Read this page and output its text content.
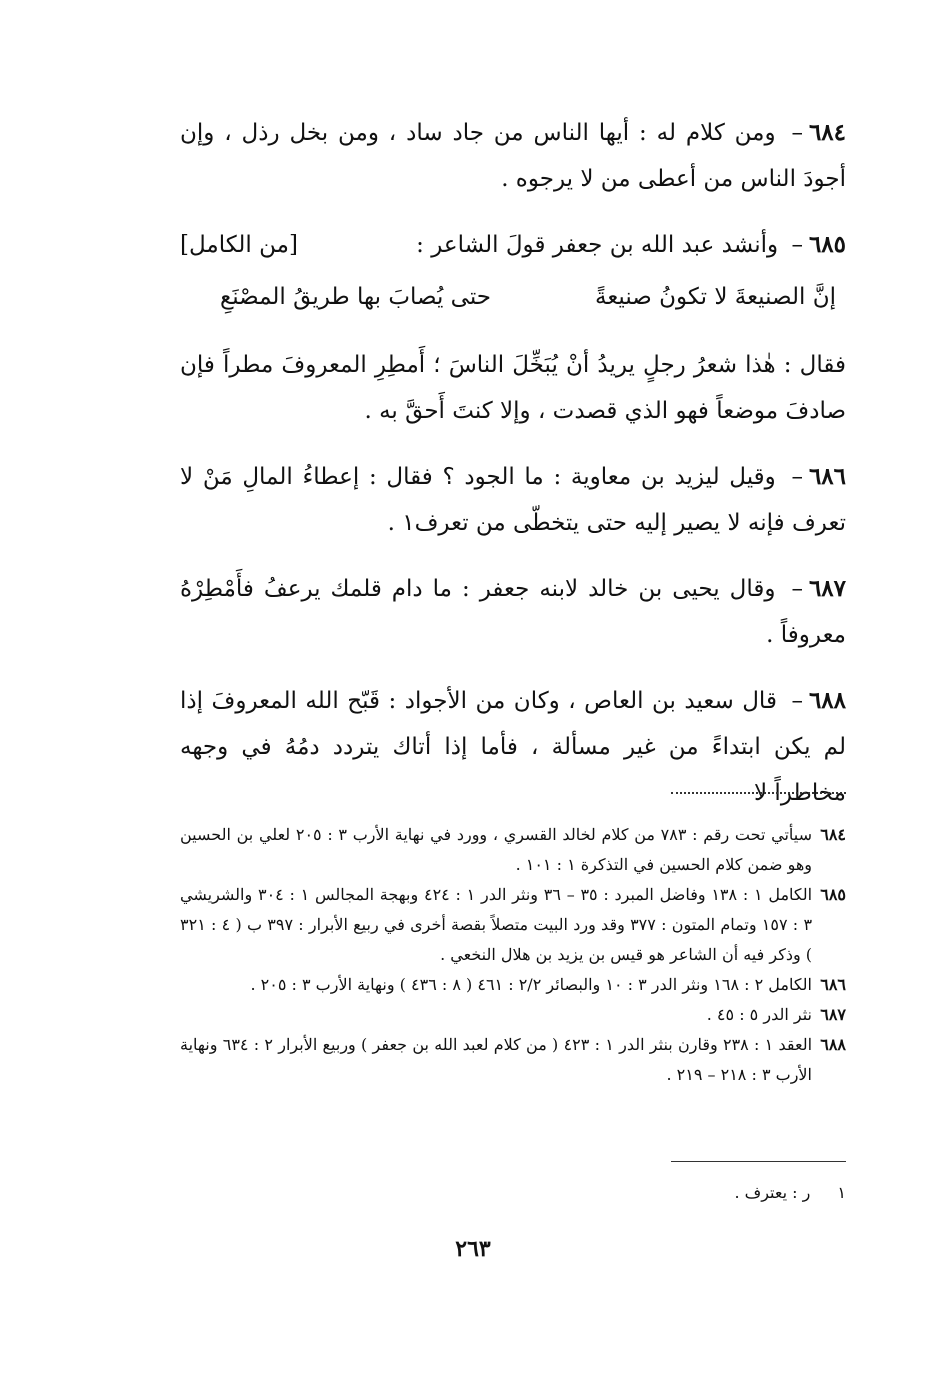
٦٨٤– ومن كلام له : أيها الناس من جاد ساد ، ومن بخل رذل ، وإن أجودَ الناس من أعطى من لا يرجوه .

٦٨٥– وأنشد عبد الله بن جعفر قولَ الشاعر :
[من الكامل]

إنَّ الصنيعةَ لا تكونُ صنيعةً
حتى يُصابَ بها طريقُ المصْنَعِ

فقال : هٰذا شعرُ رجلٍ يريدُ أنْ يُبَخِّلَ الناسَ ؛ أَمطِرِ المعروفَ مطراً فإن صادفَ موضعاً فهو الذي قصدت ، وإلا كنتَ أَحقَّ به .

٦٨٦– وقيل ليزيد بن معاوية : ما الجود ؟ فقال : إعطاءُ المالِ مَنْ لا تعرف فإنه لا يصير إليه حتى يتخطّى من تعرف١ .

٦٨٧– وقال يحيى بن خالد لابنه جعفر : ما دام قلمك يرعفُ فأَمْطِرْهُ معروفاً .

٦٨٨– قال سعيد بن العاص ، وكان من الأجواد : قَبّح الله المعروفَ إذا لم يكن ابتداءً من غير مسألة ، فأما إذا أتاك يتردد دمُهُ في وجهه مخاطراً لا

٦٨٤
سيأتي تحت رقم : ٧٨٣ من كلام لخالد القسري ، وورد في نهاية الأرب ٣ : ٢٠٥ لعلي بن الحسين وهو ضمن كلام الحسين في التذكرة ١ : ١٠١ .
٦٨٥
الكامل ١ : ١٣٨ وفاضل المبرد : ٣٥ – ٣٦ ونثر الدر ١ : ٤٢٤ وبهجة المجالس ١ : ٣٠٤ والشريشي ٣ : ١٥٧ وتمام المتون : ٣٧٧ وقد ورد البيت متصلاً بقصة أخرى في ربيع الأبرار : ٣٩٧ ب ( ٤ : ٣٢١ ) وذكر فيه أن الشاعر هو قيس بن يزيد بن هلال النخعي .
٦٨٦
الكامل ٢ : ١٦٨ ونثر الدر ٣ : ١٠ والبصائر ٢/٢ : ٤٦١ ( ٨ : ٤٣٦ ) ونهاية الأرب ٣ : ٢٠٥ .
٦٨٧
نثر الدر ٥ : ٤٥ .
٦٨٨
العقد ١ : ٢٣٨ وقارن بنثر الدر ١ : ٤٢٣ ( من كلام لعبد الله بن جعفر ) وربيع الأبرار ٢ : ٦٣٤ ونهاية الأرب ٣ : ٢١٨ – ٢١٩ .
١ ر : يعترف .
٢٦٣
